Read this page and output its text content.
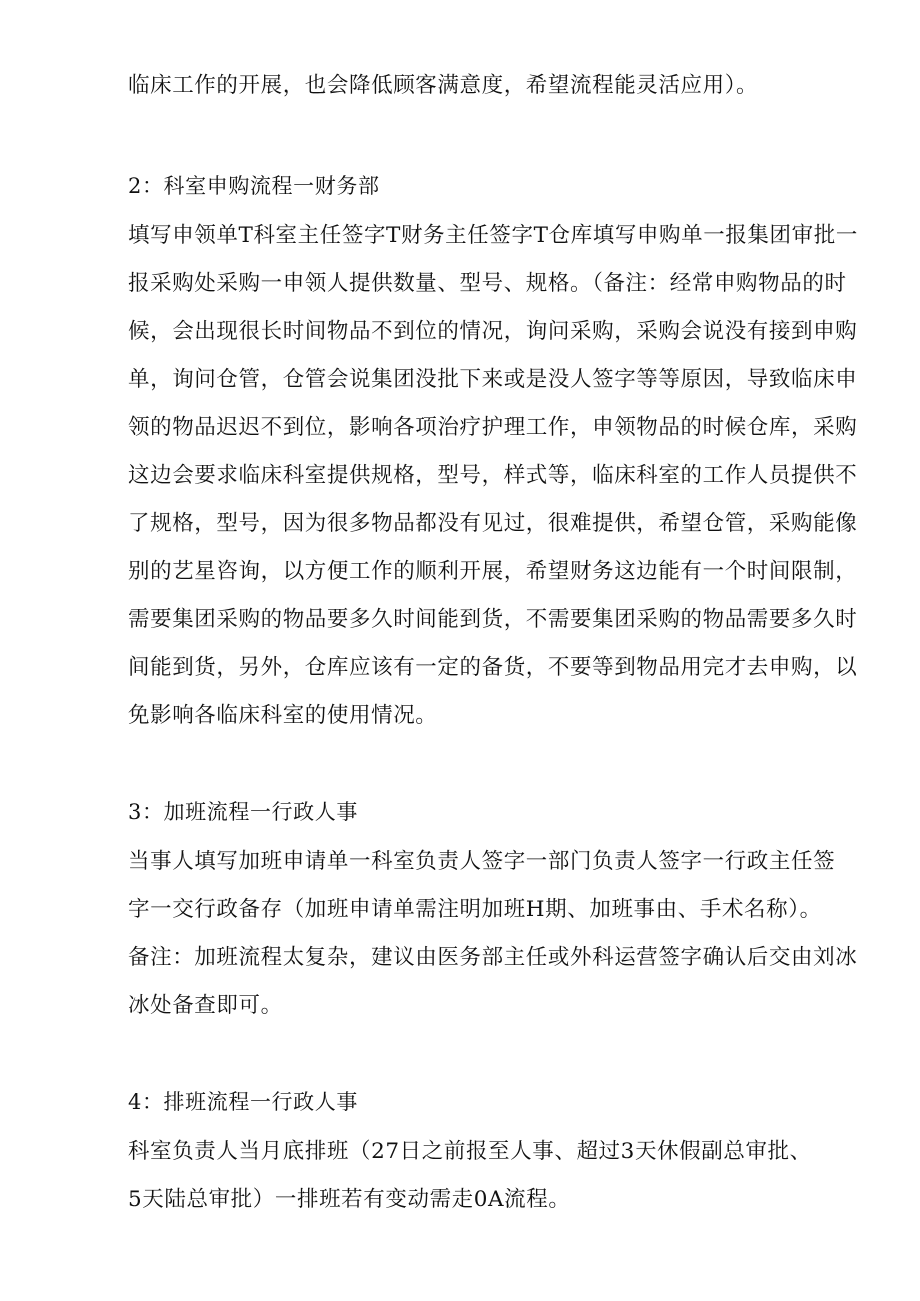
临床工作的开展，也会降低顾客满意度，希望流程能灵活应用）。

2：科室申购流程一财务部

填写申领单T科室主任签字T财务主任签字T仓库填写申购单一报集团审批一

报采购处采购一申领人提供数量、型号、规格。（备注：经常申购物品的时

候，会出现很长时间物品不到位的情况，询问采购，采购会说没有接到申购

单，询问仓管，仓管会说集团没批下来或是没人签字等等原因，导致临床申

领的物品迟迟不到位，影响各项治疗护理工作，申领物品的时候仓库，采购

这边会要求临床科室提供规格，型号，样式等，临床科室的工作人员提供不

了规格，型号，因为很多物品都没有见过，很难提供，希望仓管，采购能像

别的艺星咨询，以方便工作的顺利开展，希望财务这边能有一个时间限制，

需要集团采购的物品要多久时间能到货，不需要集团采购的物品需要多久时

间能到货，另外，仓库应该有一定的备货，不要等到物品用完才去申购，以

免影响各临床科室的使用情况。

3：加班流程一行政人事

当事人填写加班申请单一科室负责人签字一部门负责人签字一行政主任签

字一交行政备存（加班申请单需注明加班H期、加班事由、手术名称）。

备注：加班流程太复杂，建议由医务部主任或外科运营签字确认后交由刘冰

冰处备查即可。

4：排班流程一行政人事

科室负责人当月底排班（27日之前报至人事、超过3天休假副总审批、

5天陆总审批）一排班若有变动需走0A流程。
